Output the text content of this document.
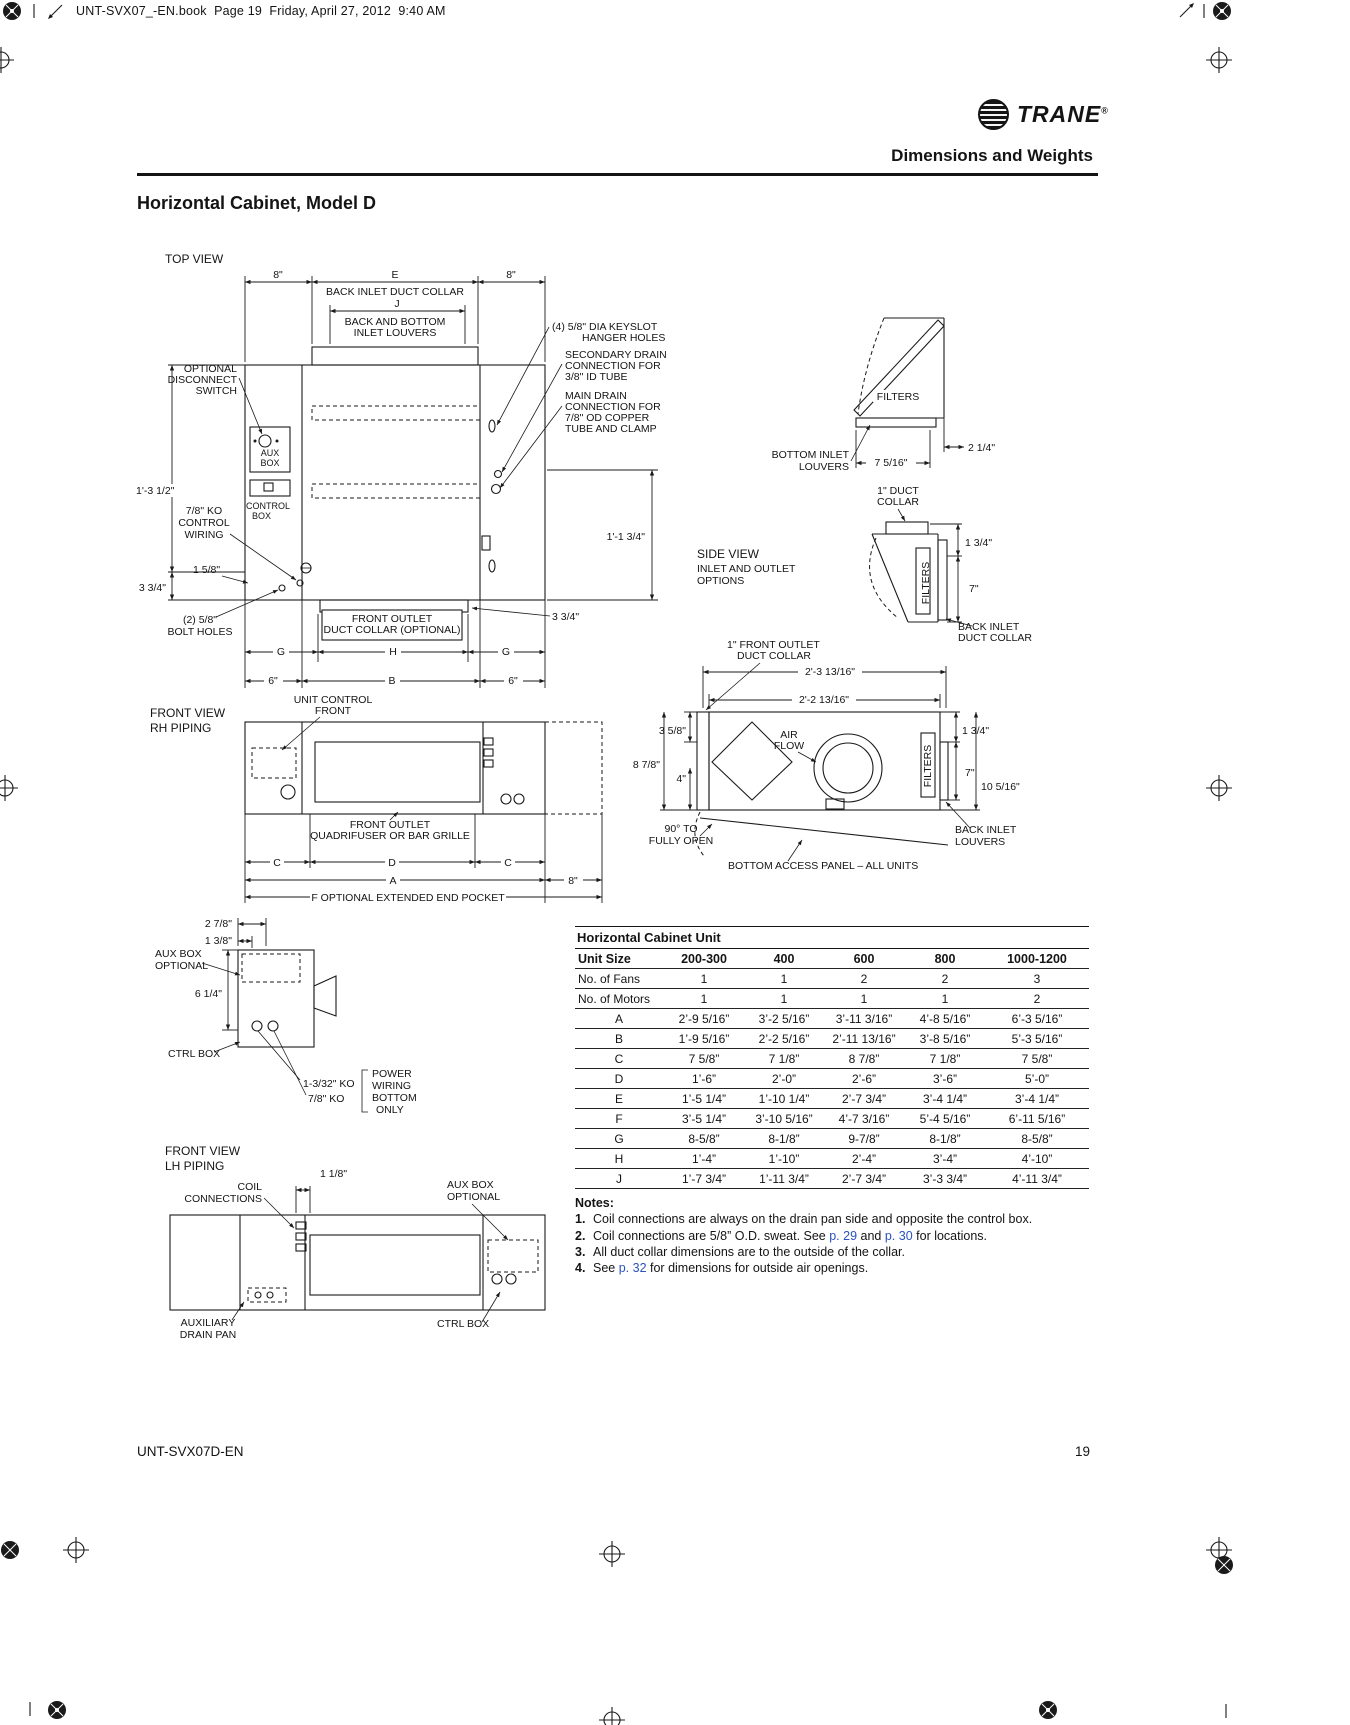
TOP VIEW
8"	E	8"
BACK INLET DUCT COLLAR
J
BACK AND BOTTOM
INLET LOUVERS	(4) 5/8" DIA KEYSLOT
HANGER HOLES
SECONDARY DRAIN
CONNECTION FOR
3/8" ID TUBE
MAIN DRAIN
CONNECTION FOR
7/8" OD COPPER
TUBE AND CLAMP
OPTIONAL
DISCONNECT
SWITCH
AUX
BOX
CONTROL
BOX
7/8" KO
CONTROL
WIRING
1'-3 1/2"
3 3/4"
1 5/8"
(2) 5/8"
BOLT HOLES
1'-1 3/4"
FRONT OUTLET
DUCT COLLAR (OPTIONAL)
3 3/4"
G	H	G
6"	B	6"
FILTERS
BOTTOM INLET
LOUVERS 7 5/16"
2 1/4"
SIDE VIEW
INLET AND OUTLET
OPTIONS
1" DUCT
COLLAR
FILTERS
1 3/4"
7"
BACK INLET
DUCT COLLAR
1" FRONT OUTLET
DUCT COLLAR
2'-3 13/16"
2'-2 13/16"
AIR
FLOW	FILTERS
1 3/4"
7"
10 5/16"
3 5/8"
8 7/8"
4"
90° TO
FULLY OPEN
BACK INLET
LOUVERS
BOTTOM ACCESS PANEL – ALL UNITS
FRONT VIEW
RH PIPING
UNIT CONTROL
FRONT
FRONT OUTLET
QUADRIFUSER OR BAR GRILLE
C	D	C
A	8"
F OPTIONAL EXTENDED END POCKET
2 7/8"
1 3/8"
AUX BOX
OPTIONAL
6 1/4"
CTRL BOX
1-3/32" KO
7/8" KO
POWER
WIRING
BOTTOM
ONLY
FRONT VIEW
LH PIPING
1 1/8"
COIL
CONNECTIONS
AUX BOX
OPTIONAL
AUXILIARY
DRAIN PAN
CTRL BOX
UNT-SVX07_-EN.book  Page 19  Friday, April 27, 2012  9:40 AM
TRANE®
Dimensions and Weights
Horizontal Cabinet, Model D
Horizontal Cabinet Unit
Unit Size	200-300	400	600	800	1000-1200
No. of Fans	1	1	2	2	3
No. of Motors	1	1	1	1	2
A	2’-9 5/16”	3’-2 5/16”	3’-11 3/16”	4’-8 5/16”	6’-3 5/16”
B	1’-9 5/16”	2’-2 5/16”	2’-11 13/16”	3’-8 5/16”	5’-3 5/16”
C	7 5/8”	7 1/8”	8 7/8”	7 1/8”	7 5/8”
D	1’-6”	2’-0”	2’-6”	3’-6”	5’-0”
E	1’-5 1/4”	1’-10 1/4”	2’-7 3/4”	3’-4 1/4”	3’-4 1/4”
F	3’-5 1/4”	3’-10 5/16”	4’-7 3/16”	5’-4 5/16”	6’-11 5/16”
G	8-5/8”	8-1/8”	9-7/8”	8-1/8”	8-5/8”
H	1’-4”	1’-10”	2’-4”	3’-4”	4’-10”
J	1’-7 3/4”	1’-11 3/4”	2’-7 3/4”	3’-3 3/4”	4’-11 3/4”
Notes:
1. Coil connections are always on the drain pan side and opposite the control box.
2. Coil connections are 5/8” O.D. sweat. See p. 29 and p. 30 for locations.
3. All duct collar dimensions are to the outside of the collar.
4. See p. 32 for dimensions for outside air openings.
UNT-SVX07D-EN	19
